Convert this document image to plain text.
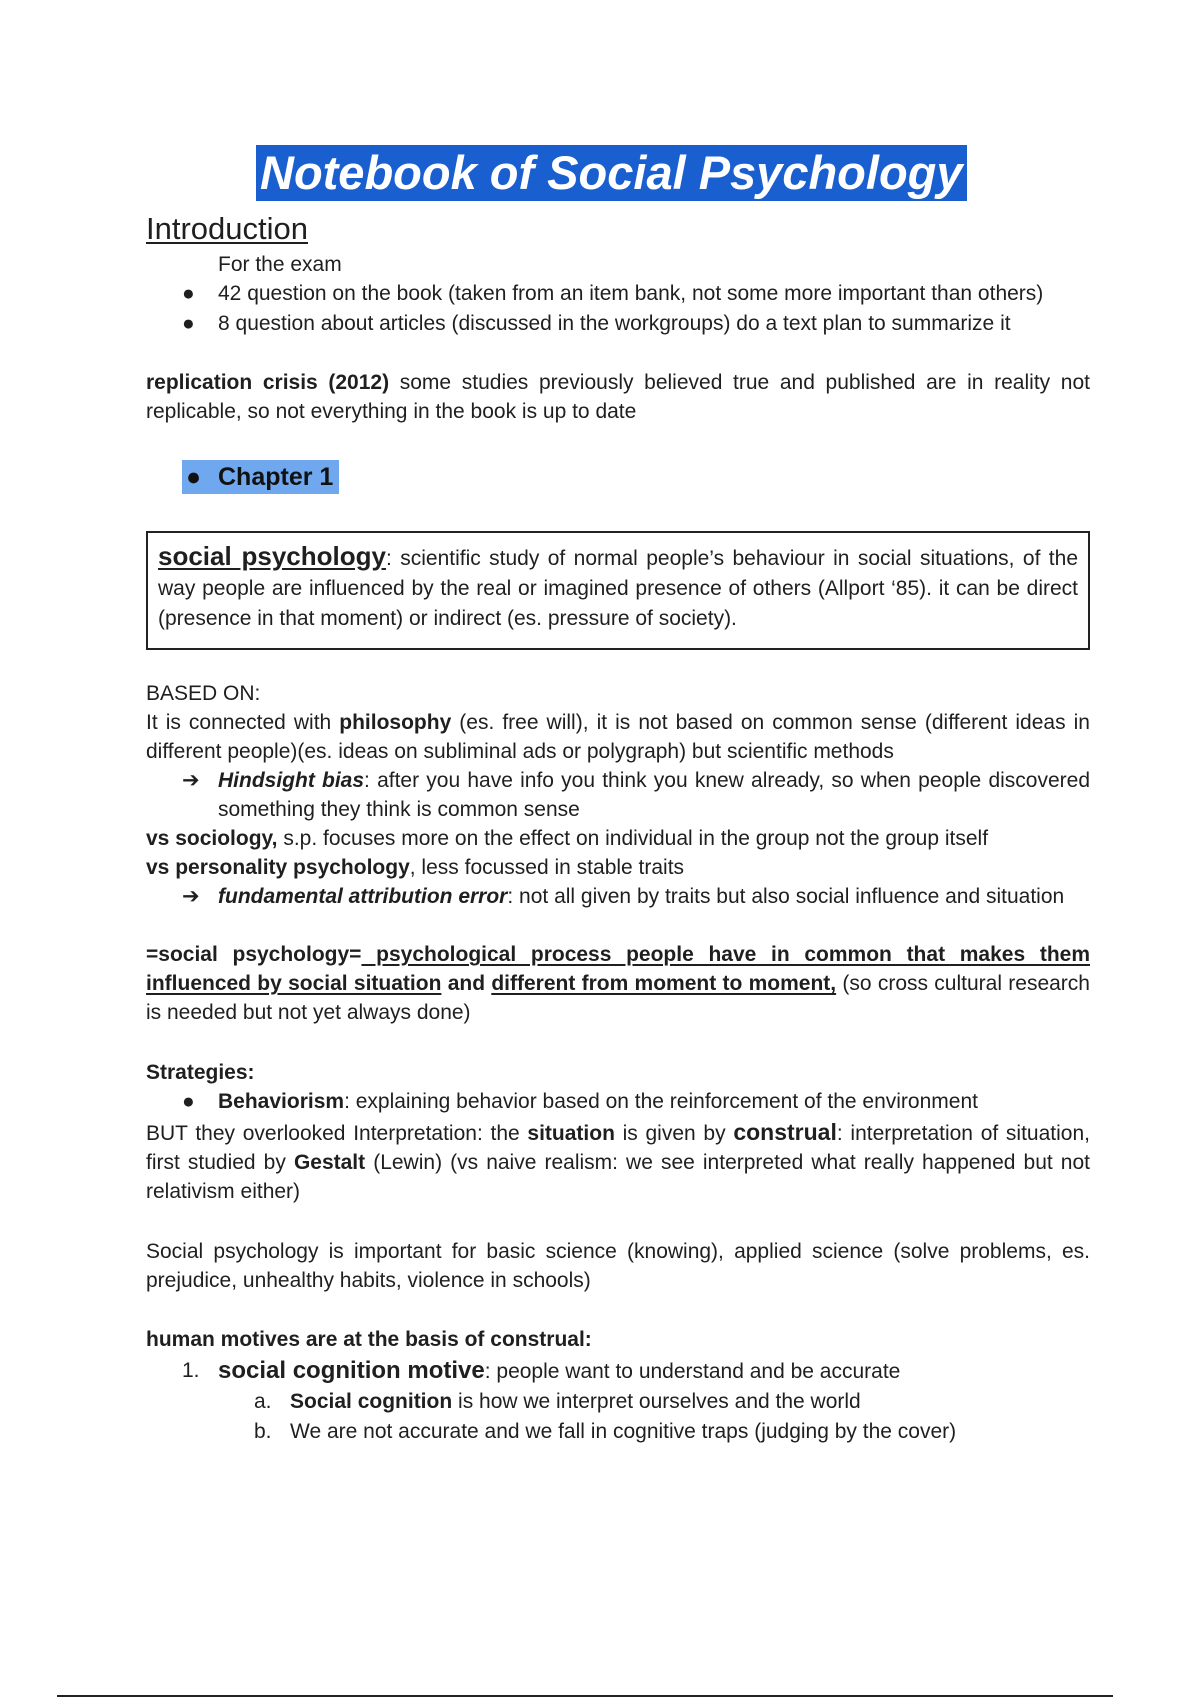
Notebook of Social Psychology
Introduction
For the exam
●	42 question on the book (taken from an item bank, not some more important than others)
●	8 question about articles (discussed in the workgroups) do a text plan to summarize it
replication crisis (2012) some studies previously believed true and published are in reality not replicable, so not everything in the book is up to date
● Chapter 1
social psychology: scientific study of normal people’s behaviour in social situations, of the way people are influenced by the real or imagined presence of others (Allport ‘85). it can be direct (presence in that moment) or indirect (es. pressure of society).
BASED ON:
It is connected with philosophy (es. free will), it is not based on common sense (different ideas in different people)(es. ideas on subliminal ads or polygraph) but scientific methods
➔ Hindsight bias: after you have info you think you knew already, so when people discovered something they think is common sense
vs sociology, s.p. focuses more on the effect on individual in the group not the group itself
vs personality psychology, less focussed in stable traits
➔ fundamental attribution error: not all given by traits but also social influence and situation
=social psychology= psychological process people have in common that makes them influenced by social situation and different from moment to moment, (so cross cultural research is needed but not yet always done)
Strategies:
●	Behaviorism: explaining behavior based on the reinforcement of the environment
BUT they overlooked Interpretation: the situation is given by construal: interpretation of situation, first studied by Gestalt (Lewin) (vs naive realism: we see interpreted what really happened but not relativism either)
Social psychology is important for basic science (knowing), applied science (solve problems, es. prejudice, unhealthy habits, violence in schools)
human motives are at the basis of construal:
1. social cognition motive: people want to understand and be accurate
a. Social cognition is how we interpret ourselves and the world
b. We are not accurate and we fall in cognitive traps (judging by the cover)
